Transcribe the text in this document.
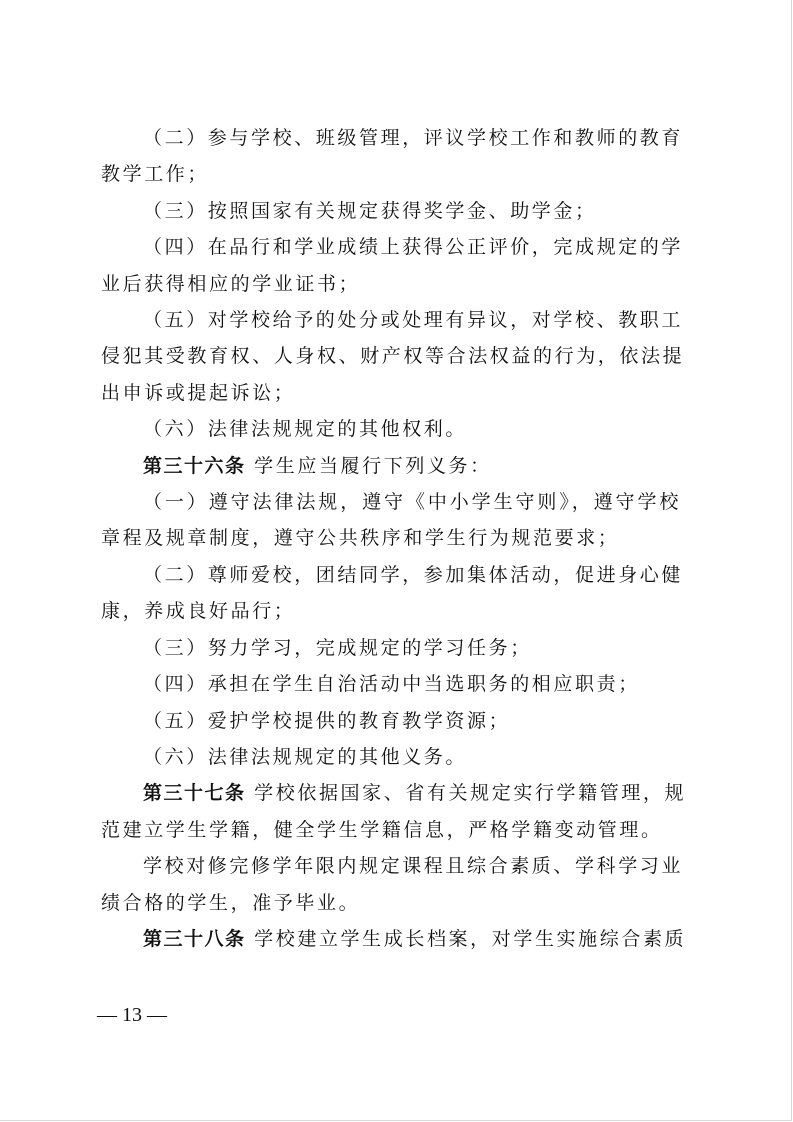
（二）参与学校、班级管理，评议学校工作和教师的教育
教学工作；
（三）按照国家有关规定获得奖学金、助学金；
（四）在品行和学业成绩上获得公正评价，完成规定的学
业后获得相应的学业证书；
（五）对学校给予的处分或处理有异议，对学校、教职工
侵犯其受教育权、人身权、财产权等合法权益的行为，依法提
出申诉或提起诉讼；
（六）法律法规规定的其他权利。
第三十六条 学生应当履行下列义务：
（一）遵守法律法规，遵守《中小学生守则》，遵守学校
章程及规章制度，遵守公共秩序和学生行为规范要求；
（二）尊师爱校，团结同学，参加集体活动，促进身心健
康，养成良好品行；
（三）努力学习，完成规定的学习任务；
（四）承担在学生自治活动中当选职务的相应职责；
（五）爱护学校提供的教育教学资源；
（六）法律法规规定的其他义务。
第三十七条 学校依据国家、省有关规定实行学籍管理，规
范建立学生学籍，健全学生学籍信息，严格学籍变动管理。
学校对修完修学年限内规定课程且综合素质、学科学习业
绩合格的学生，准予毕业。
第三十八条 学校建立学生成长档案，对学生实施综合素质
— 13 —
